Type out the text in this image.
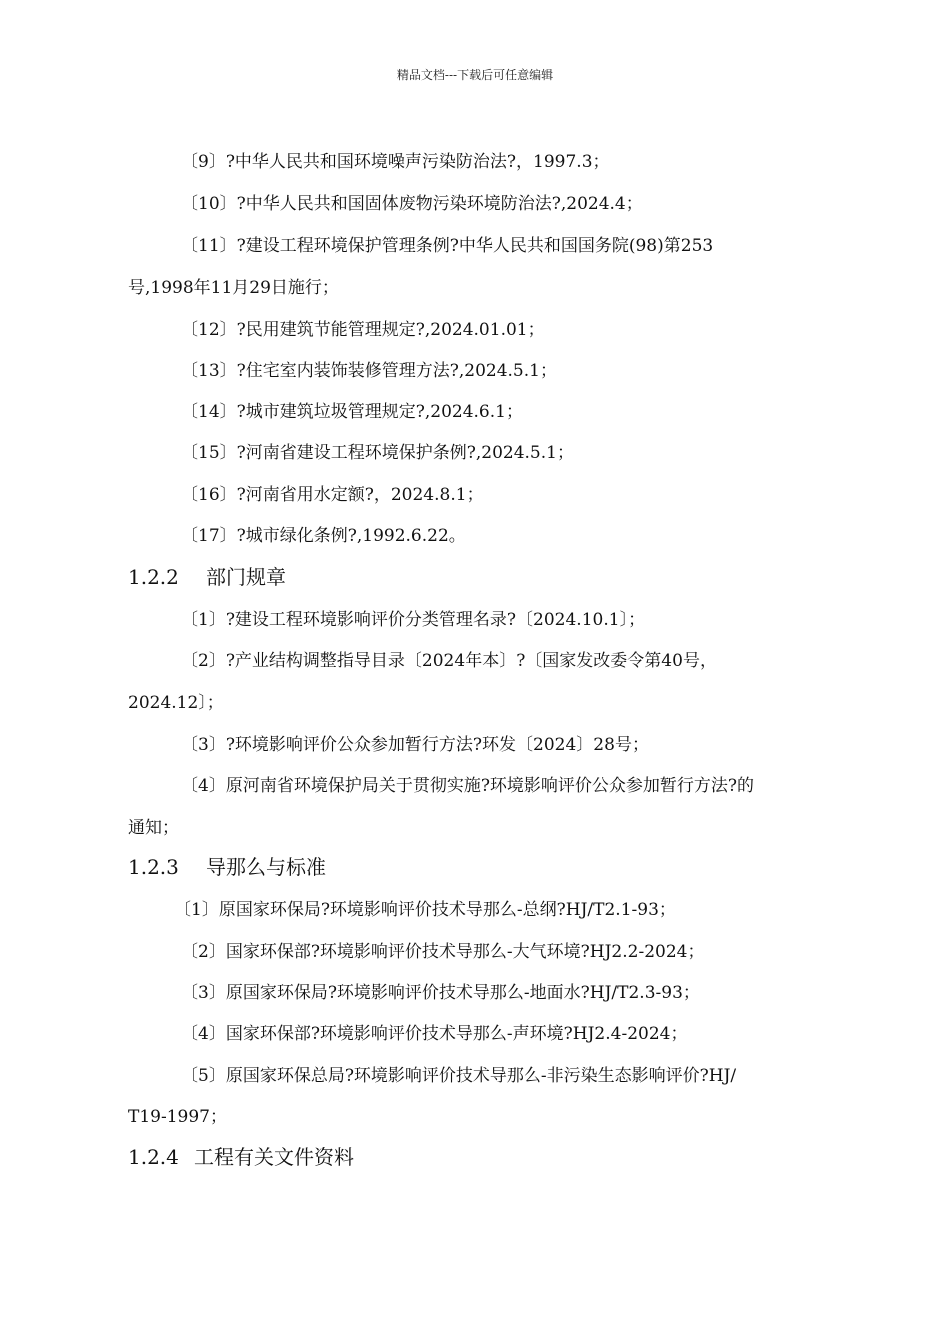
精品文档---下载后可任意编辑
〔9〕?中华人民共和国环境噪声污染防治法?，1997.3；
〔10〕?中华人民共和国固体废物污染环境防治法?,2024.4；
〔11〕?建设工程环境保护管理条例?中华人民共和国国务院(98)第253
号,1998年11月29日施行；
〔12〕?民用建筑节能管理规定?,2024.01.01；
〔13〕?住宅室内装饰装修管理方法?,2024.5.1；
〔14〕?城市建筑垃圾管理规定?,2024.6.1；
〔15〕?河南省建设工程环境保护条例?,2024.5.1；
〔16〕?河南省用水定额?，2024.8.1；
〔17〕?城市绿化条例?,1992.6.22。
1.2.2 部门规章
〔1〕?建设工程环境影响评价分类管理名录?〔2024.10.1〕；
〔2〕?产业结构调整指导目录〔2024年本〕?〔国家发改委令第40号，
2024.12〕；
〔3〕?环境影响评价公众参加暂行方法?环发〔2024〕28号；
〔4〕原河南省环境保护局关于贯彻实施?环境影响评价公众参加暂行方法?的
通知；
1.2.3 导那么与标准
〔1〕原国家环保局?环境影响评价技术导那么-总纲?HJ/T2.1-93；
〔2〕国家环保部?环境影响评价技术导那么-大气环境?HJ2.2-2024；
〔3〕原国家环保局?环境影响评价技术导那么-地面水?HJ/T2.3-93；
〔4〕国家环保部?环境影响评价技术导那么-声环境?HJ2.4-2024；
〔5〕原国家环保总局?环境影响评价技术导那么-非污染生态影响评价?HJ/
T19-1997；
1.2.4 工程有关文件资料
